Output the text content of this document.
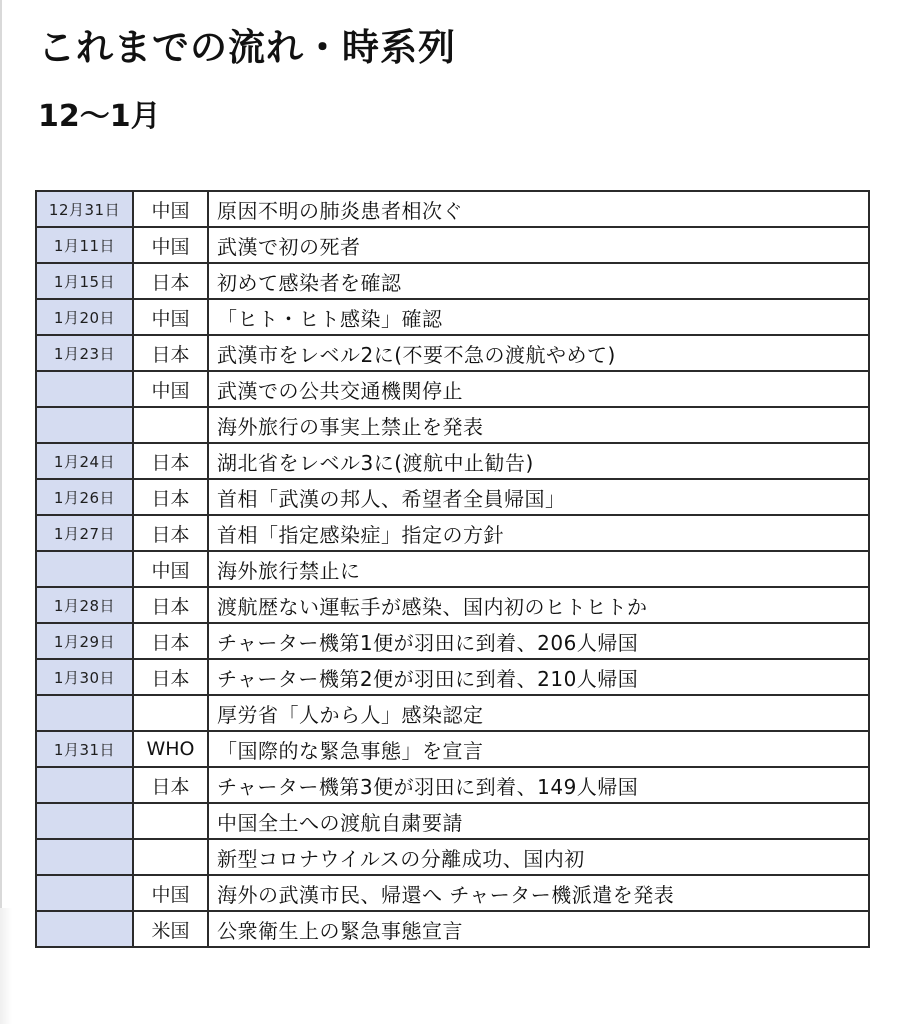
これまでの流れ・時系列
12〜1月
12月31日	中国	原因不明の肺炎患者相次ぐ
1月11日	中国	武漢で初の死者
1月15日	日本	初めて感染者を確認
1月20日	中国	「ヒト・ヒト感染」確認
1月23日	日本	武漢市をレベル2に(不要不急の渡航やめて)
	中国	武漢での公共交通機関停止
		海外旅行の事実上禁止を発表
1月24日	日本	湖北省をレベル3に(渡航中止勧告)
1月26日	日本	首相「武漢の邦人、希望者全員帰国」
1月27日	日本	首相「指定感染症」指定の方針
	中国	海外旅行禁止に
1月28日	日本	渡航歴ない運転手が感染、国内初のヒトヒトか
1月29日	日本	チャーター機第1便が羽田に到着、206人帰国
1月30日	日本	チャーター機第2便が羽田に到着、210人帰国
		厚労省「人から人」感染認定
1月31日	WHO	「国際的な緊急事態」を宣言
	日本	チャーター機第3便が羽田に到着、149人帰国
		中国全土への渡航自粛要請
		新型コロナウイルスの分離成功、国内初
	中国	海外の武漢市民、帰還へ チャーター機派遣を発表
	米国	公衆衛生上の緊急事態宣言
